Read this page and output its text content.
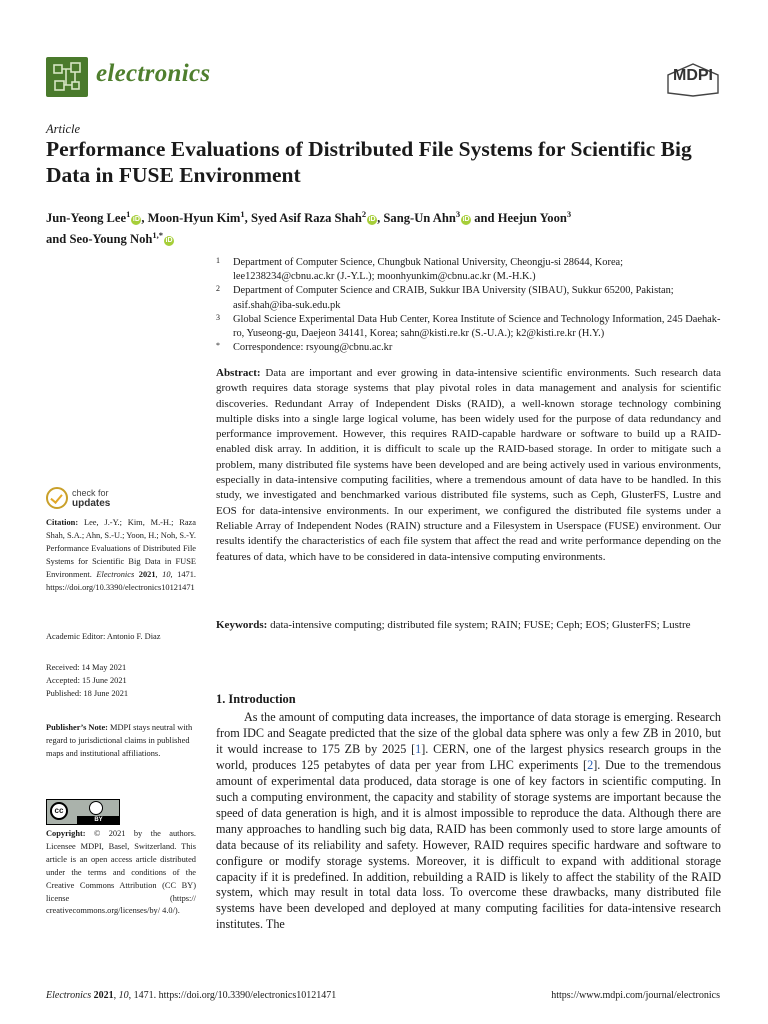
electronics	MDPI
Article
Performance Evaluations of Distributed File Systems for Scientific Big Data in FUSE Environment
Jun-Yeong Lee$^1$iD , Moon-Hyun Kim$^1$, Syed Asif Raza Shah$^2$iD , Sang-Un Ahn$^3$iD and Heejun Yoon$^3$
and Seo-Young Noh$^{1,*}$iD
1 Department of Computer Science, Chungbuk National University, Cheongju-si 28644, Korea; lee1238234@cbnu.ac.kr (J.-Y.L.); moonhyunkim@cbnu.ac.kr (M.-H.K.)
2 Department of Computer Science and CRAIB, Sukkur IBA University (SIBAU), Sukkur 65200, Pakistan; asif.shah@iba-suk.edu.pk
3 Global Science Experimental Data Hub Center, Korea Institute of Science and Technology Information, 245 Daehak-ro, Yuseong-gu, Daejeon 34141, Korea; sahn@kisti.re.kr (S.-U.A.); k2@kisti.re.kr (H.Y.)
* Correspondence: rsyoung@cbnu.ac.kr
Abstract: Data are important and ever growing in data-intensive scientific environments. Such research data growth requires data storage systems that play pivotal roles in data management and analysis for scientific discoveries. Redundant Array of Independent Disks (RAID), a well-known storage technology combining multiple disks into a single large logical volume, has been widely used for the purpose of data redundancy and performance improvement. However, this requires RAID-capable hardware or software to build up a RAID-enabled disk array. In addition, it is difficult to scale up the RAID-based storage. In order to mitigate such a problem, many distributed file systems have been developed and are being actively used in various environments, especially in data-intensive computing facilities, where a tremendous amount of data have to be handled. In this study, we investigated and benchmarked various distributed file systems, such as Ceph, GlusterFS, Lustre and EOS for data-intensive environments. In our experiment, we configured the distributed file systems under a Reliable Array of Independent Nodes (RAIN) structure and a Filesystem in Userspace (FUSE) environment. Our results identify the characteristics of each file system that affect the read and write performance depending on the features of data, which have to be considered in data-intensive computing environments.
Keywords: data-intensive computing; distributed file system; RAIN; FUSE; Ceph; EOS; GlusterFS; Lustre
1. Introduction
As the amount of computing data increases, the importance of data storage is emerging. Research from IDC and Seagate predicted that the size of the global data sphere was only a few ZB in 2010, but it would increase to 175 ZB by 2025 [1]. CERN, one of the largest physics research groups in the world, produces 125 petabytes of data per year from LHC experiments [2]. Due to the tremendous amount of experimental data produced, data storage is one of key factors in scientific computing. In such a computing environment, the capacity and stability of storage systems are important because the speed of data generation is high, and it is almost impossible to reproduce the data. Although there are many approaches to handling such big data, RAID has been commonly used to store large amounts of data because of its reliability and safety. However, RAID requires specific hardware and software to configure or modify storage systems. Moreover, it is difficult to expand with additional storage capacity if it is predefined. In addition, rebuilding a RAID is likely to affect the stability of the RAID system, which may result in total data loss. To overcome these drawbacks, many distributed file systems have been developed and deployed at many computing facilities for data-intensive research institutes. The
check for
updates
Citation: Lee, J.-Y.; Kim, M.-H.; Raza Shah, S.A.; Ahn, S.-U.; Yoon, H.; Noh, S.-Y. Performance Evaluations of Distributed File Systems for Scientific Big Data in FUSE Environment. Electronics 2021, 10, 1471. https://doi.org/10.3390/electronics10121471
Academic Editor: Antonio F. Diaz
Received: 14 May 2021
Accepted: 15 June 2021
Published: 18 June 2021
Publisher’s Note: MDPI stays neutral with regard to jurisdictional claims in published maps and institutional affiliations.
cc
BY
Copyright: © 2021 by the authors. Licensee MDPI, Basel, Switzerland. This article is an open access article distributed under the terms and conditions of the Creative Commons Attribution (CC BY) license (https:// creativecommons.org/licenses/by/ 4.0/).
Electronics 2021, 10, 1471. https://doi.org/10.3390/electronics10121471	https://www.mdpi.com/journal/electronics
